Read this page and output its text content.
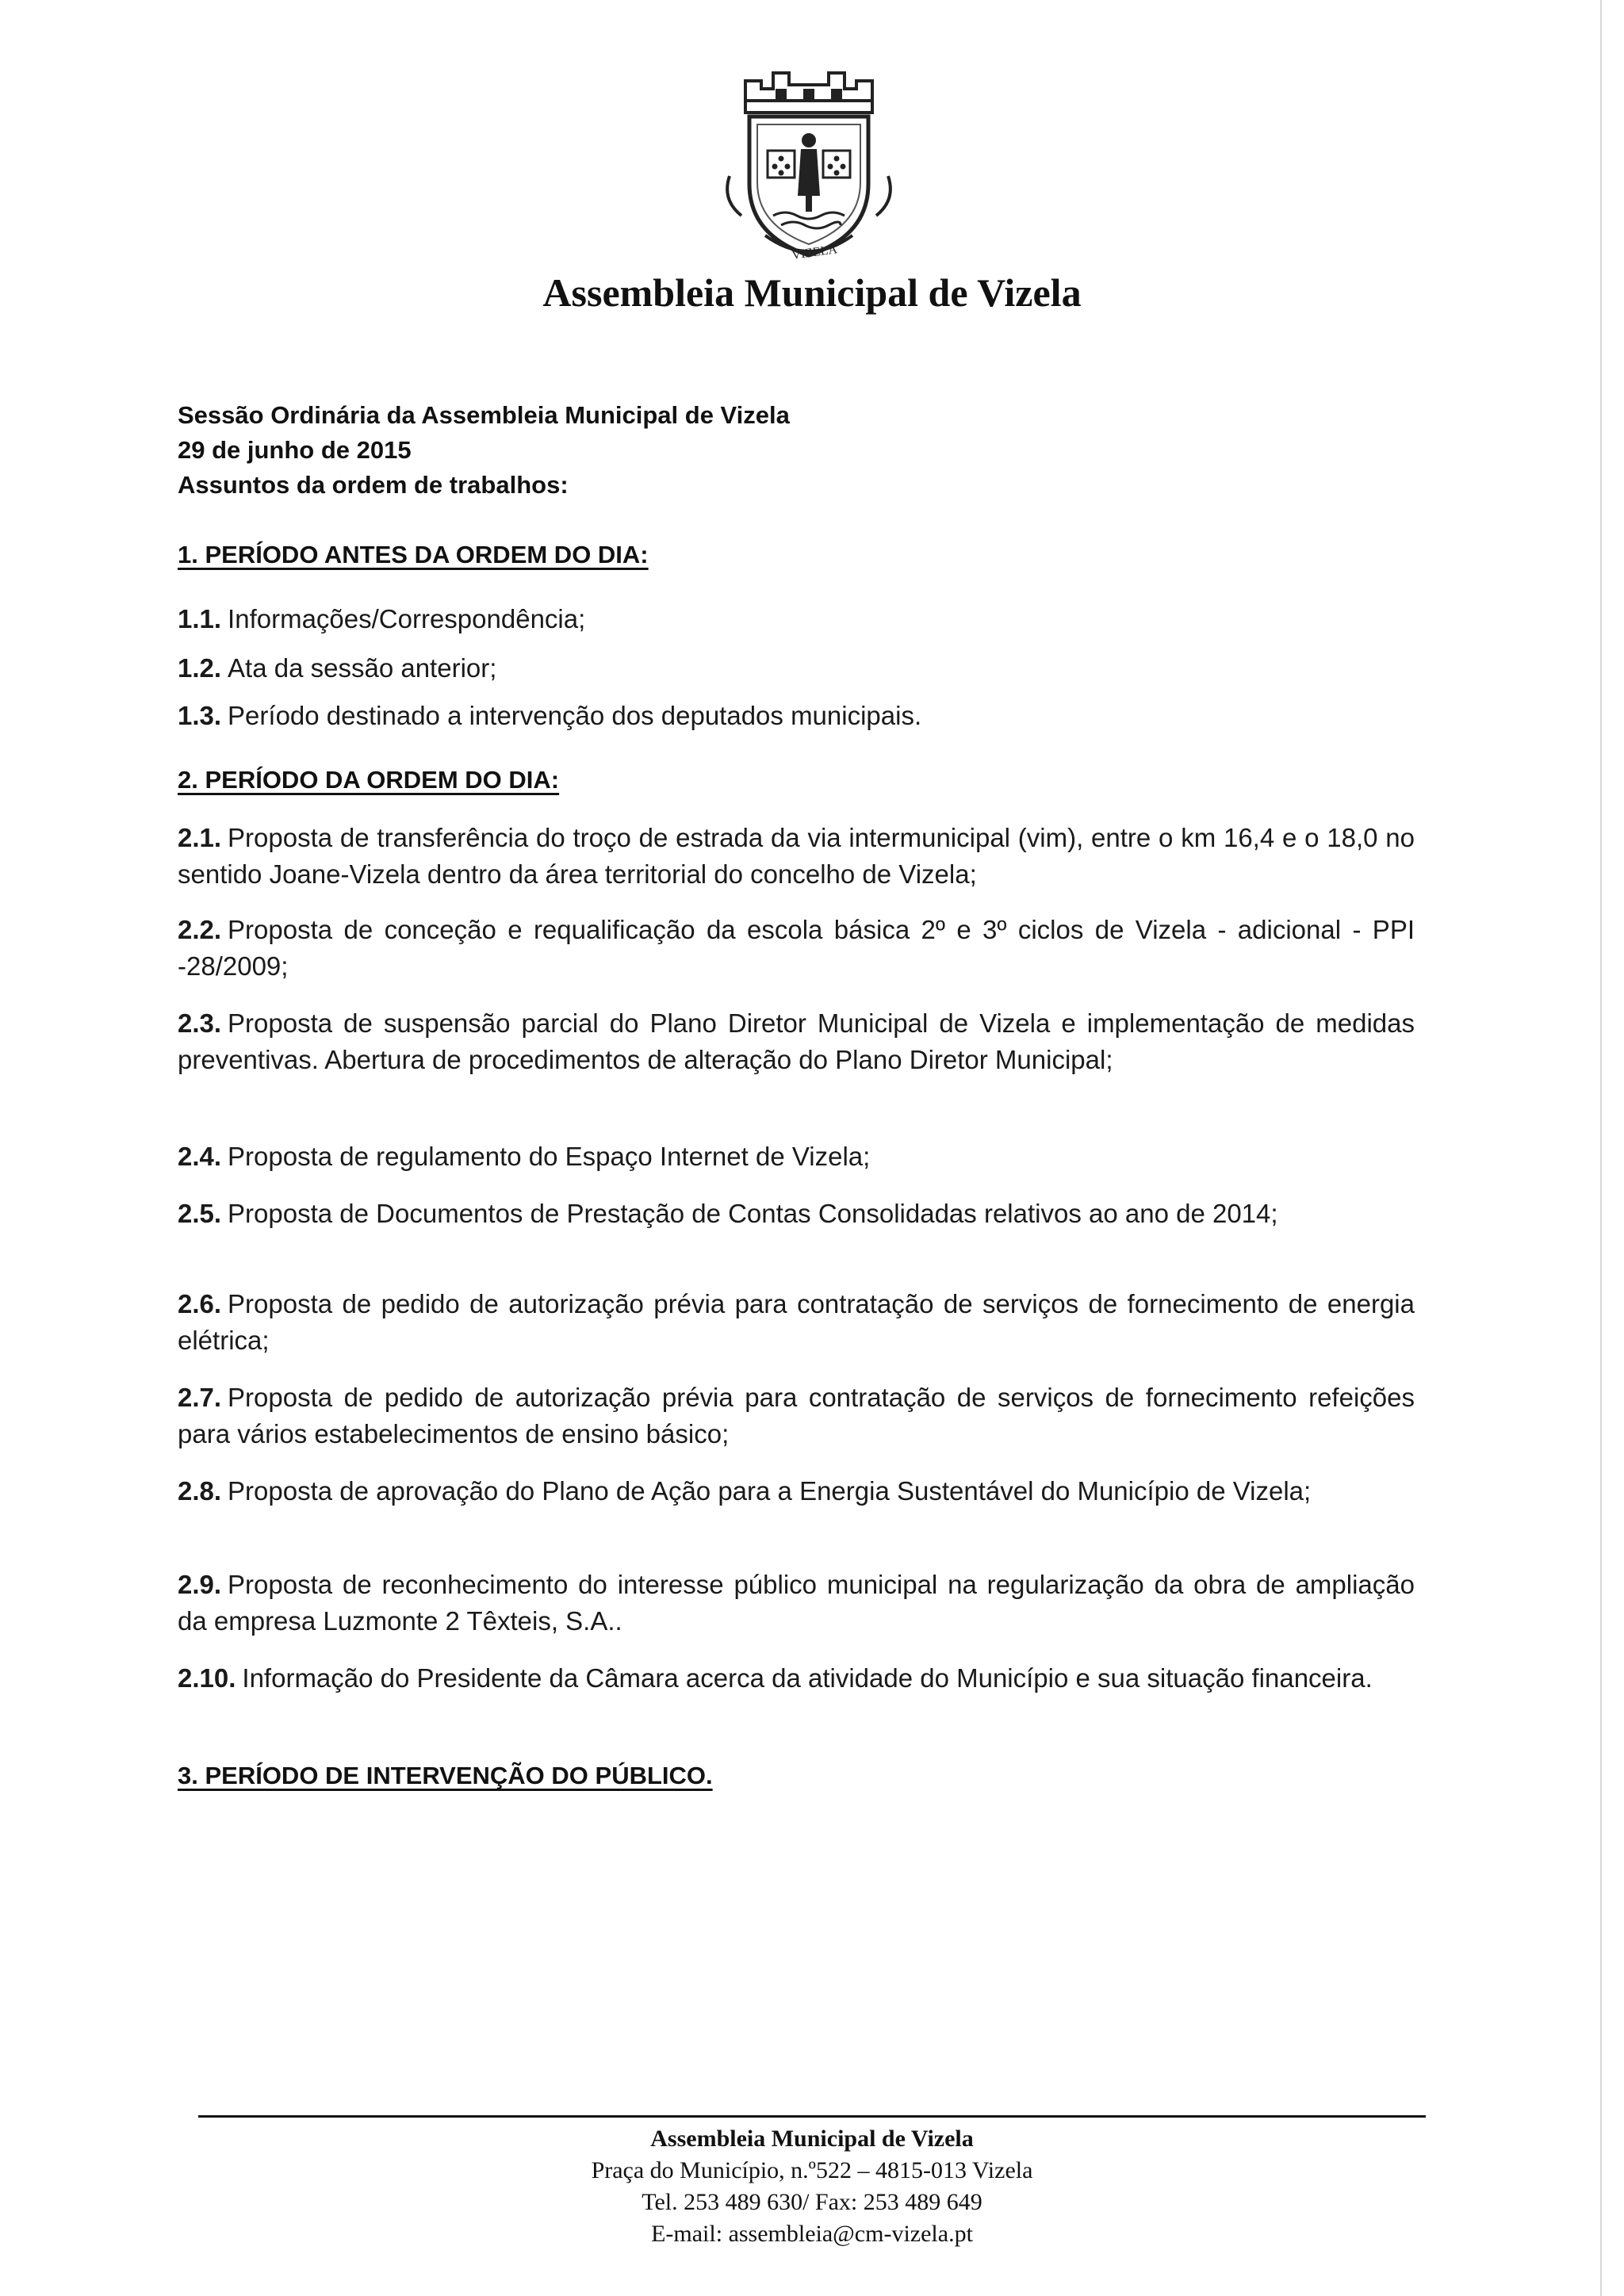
VIZELA
Assembleia Municipal de Vizela
Sessão Ordinária da Assembleia Municipal de Vizela
29 de junho de 2015
Assuntos da ordem de trabalhos:
1. PERÍODO ANTES DA ORDEM DO DIA:
1.1. Informações/Correspondência;
1.2. Ata da sessão anterior;
1.3. Período destinado a intervenção dos deputados municipais.
2. PERÍODO DA ORDEM DO DIA:
2.1. Proposta de transferência do troço de estrada da via intermunicipal (vim), entre o km 16,4 e o 18,0 no sentido Joane-Vizela dentro da área territorial do concelho de Vizela;
2.2. Proposta de conceção e requalificação da escola básica 2º e 3º ciclos de Vizela - adicional - PPI -28/2009;
2.3. Proposta de suspensão parcial do Plano Diretor Municipal de Vizela e implementação de medidas preventivas. Abertura de procedimentos de alteração do Plano Diretor Municipal;
2.4. Proposta de regulamento do Espaço Internet de Vizela;
2.5. Proposta de Documentos de Prestação de Contas Consolidadas relativos ao ano de 2014;
2.6. Proposta de pedido de autorização prévia para contratação de serviços de fornecimento de energia elétrica;
2.7. Proposta de pedido de autorização prévia para contratação de serviços de fornecimento refeições para vários estabelecimentos de ensino básico;
2.8. Proposta de aprovação do Plano de Ação para a Energia Sustentável do Município de Vizela;
2.9. Proposta de reconhecimento do interesse público municipal na regularização da obra de ampliação da empresa Luzmonte 2 Têxteis, S.A..
2.10. Informação do Presidente da Câmara acerca da atividade do Município e sua situação financeira.
3. PERÍODO DE INTERVENÇÃO DO PÚBLICO.
Assembleia Municipal de Vizela
Praça do Município, n.º522 – 4815-013 Vizela
Tel. 253 489 630/ Fax: 253 489 649
E-mail: assembleia@cm-vizela.pt
